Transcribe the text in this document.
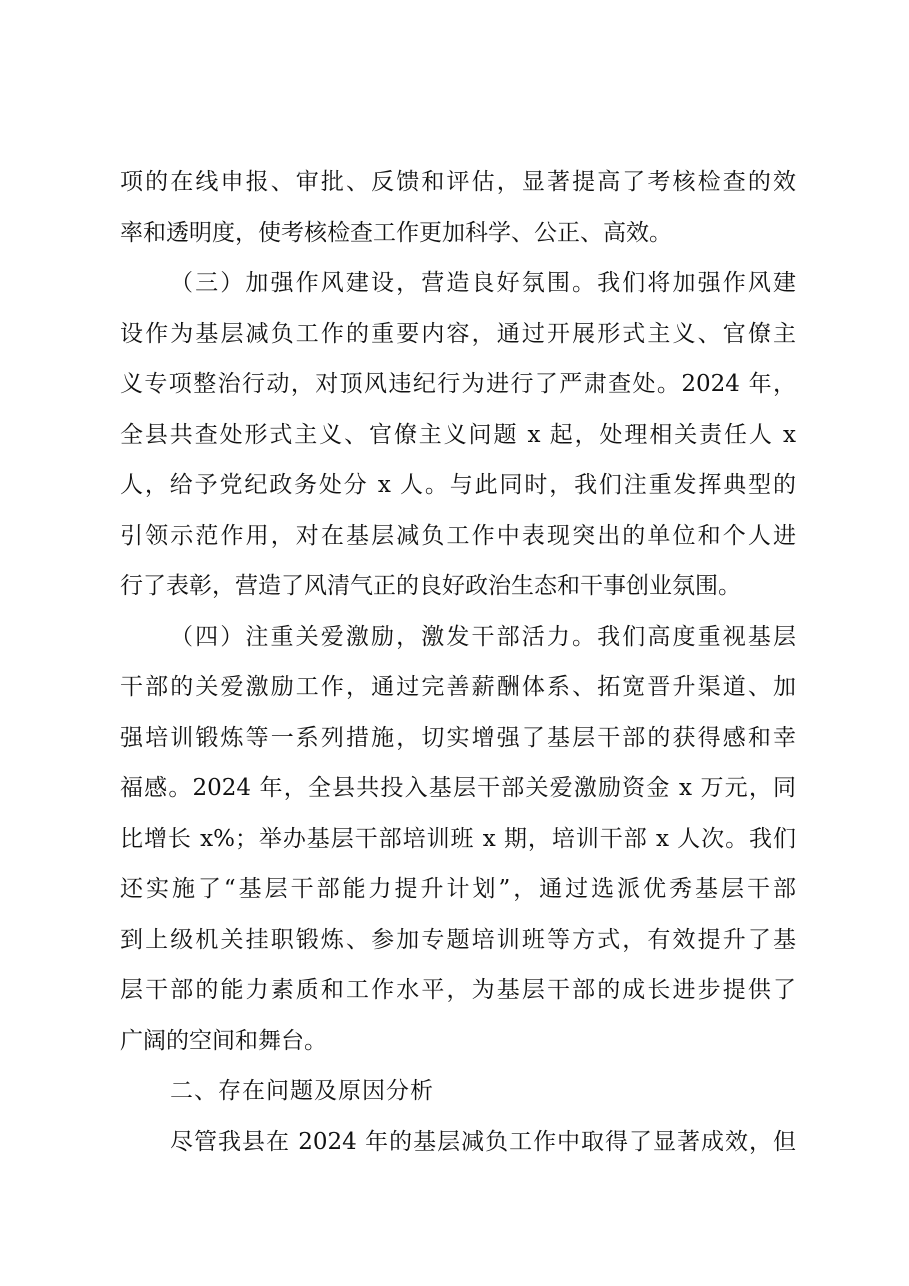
项的在线申报、审批、反馈和评估，显著提高了考核检查的效
率和透明度，使考核检查工作更加科学、公正、高效。
（三）加强作风建设，营造良好氛围。我们将加强作风建
设作为基层减负工作的重要内容，通过开展形式主义、官僚主
义专项整治行动，对顶风违纪行为进行了严肃查处。2024 年，
全县共查处形式主义、官僚主义问题 x 起，处理相关责任人 x
人，给予党纪政务处分 x 人。与此同时，我们注重发挥典型的
引领示范作用，对在基层减负工作中表现突出的单位和个人进
行了表彰，营造了风清气正的良好政治生态和干事创业氛围。
（四）注重关爱激励，激发干部活力。我们高度重视基层
干部的关爱激励工作，通过完善薪酬体系、拓宽晋升渠道、加
强培训锻炼等一系列措施，切实增强了基层干部的获得感和幸
福感。2024 年，全县共投入基层干部关爱激励资金 x 万元，同
比增长 x%；举办基层干部培训班 x 期，培训干部 x 人次。我们
还实施了“基层干部能力提升计划”，通过选派优秀基层干部
到上级机关挂职锻炼、参加专题培训班等方式，有效提升了基
层干部的能力素质和工作水平，为基层干部的成长进步提供了
广阔的空间和舞台。
二、存在问题及原因分析
尽管我县在 2024 年的基层减负工作中取得了显著成效，但
